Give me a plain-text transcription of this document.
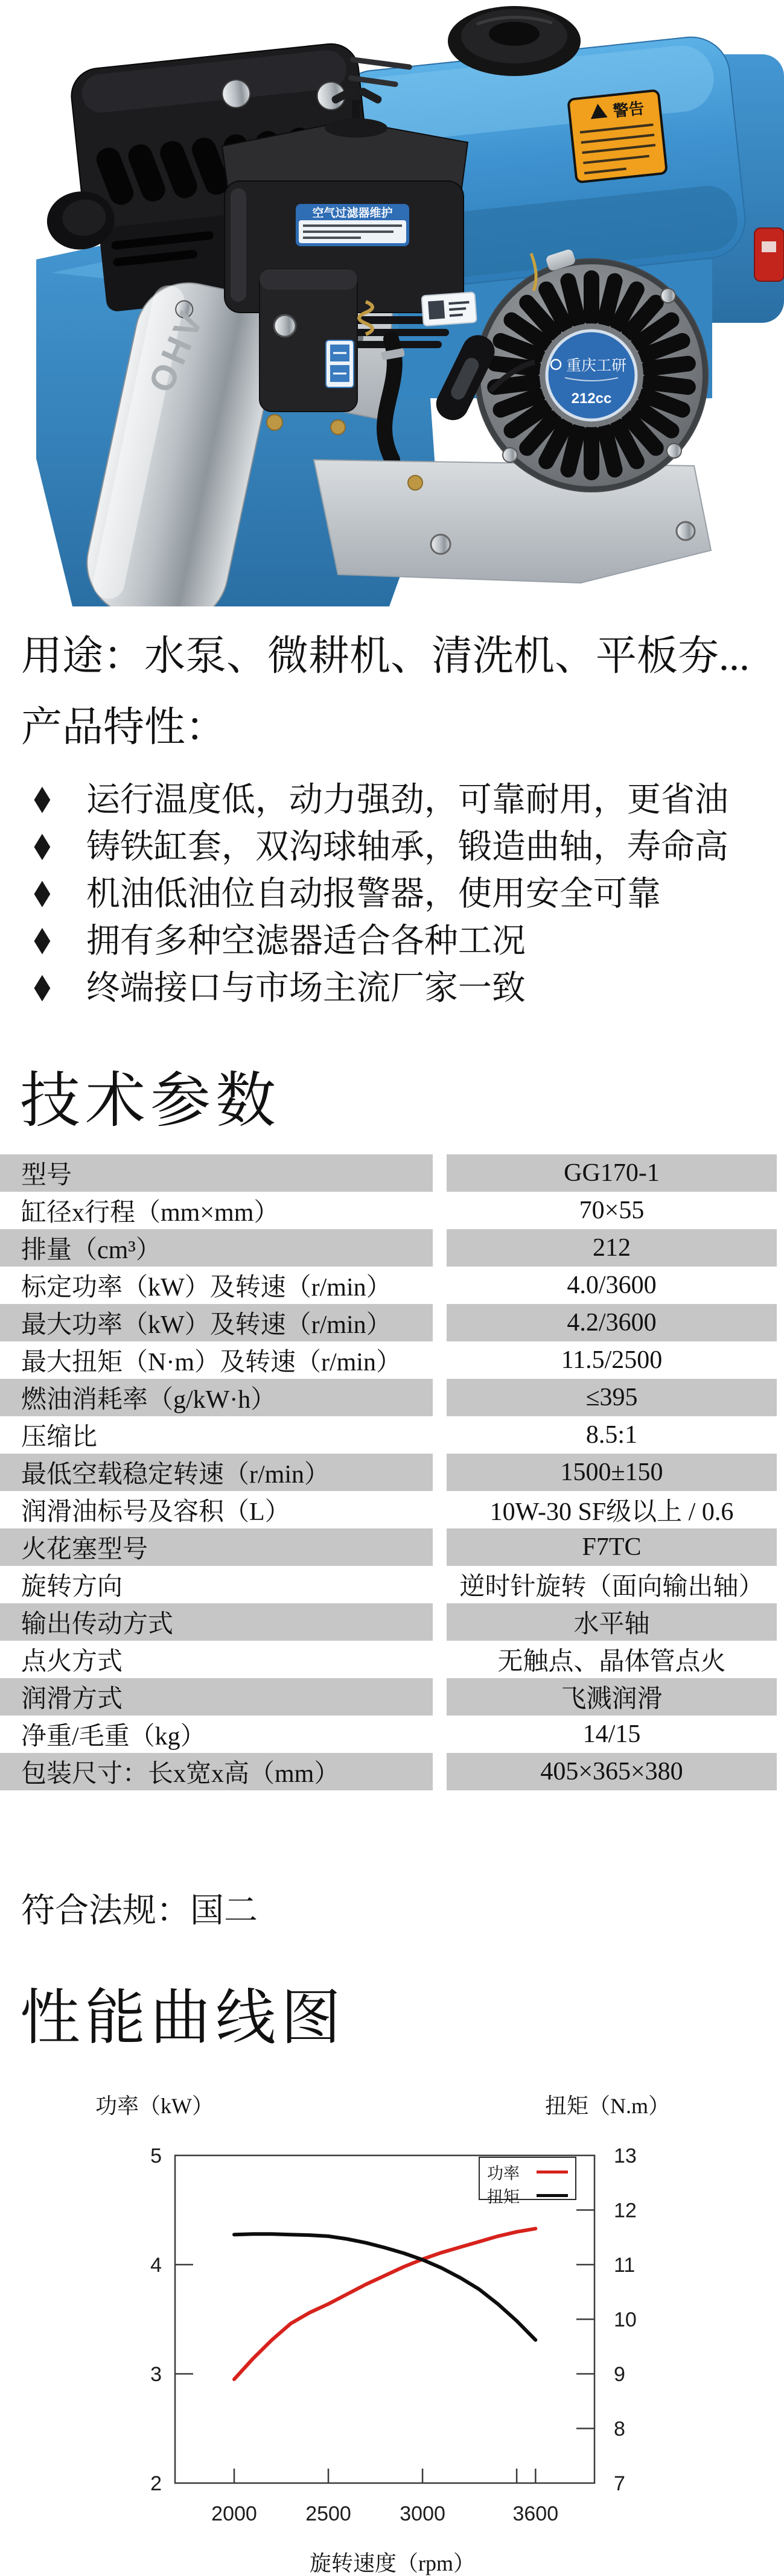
警告
OHV
空气过滤器维护
重庆工研
212cc
用途：水泵、微耕机、清洗机、平板夯...
产品特性：
◆ 运行温度低，动力强劲，可靠耐用，更省油
◆ 铸铁缸套，双沟球轴承，锻造曲轴，寿命高
◆ 机油低油位自动报警器，使用安全可靠
◆ 拥有多种空滤器适合各种工况
◆ 终端接口与市场主流厂家一致
技术参数
型号	GG170-1
缸径x行程（mm×mm）	70×55
排量（cm³）	212
标定功率（kW）及转速（r/min）	4.0/3600
最大功率（kW）及转速（r/min）	4.2/3600
最大扭矩（N·m）及转速（r/min）	11.5/2500
燃油消耗率（g/kW·h）	≤395
压缩比	8.5:1
最低空载稳定转速（r/min）	1500±150
润滑油标号及容积（L）	10W-30 SF级以上 / 0.6
火花塞型号	F7TC
旋转方向	逆时针旋转（面向输出轴）
输出传动方式	水平轴
点火方式	无触点、晶体管点火
润滑方式	飞溅润滑
净重/毛重（kg）	14/15
包装尺寸：长x宽x高（mm）	405×365×380
符合法规：国二
性能曲线图
功率（kW）	扭矩（N.m）
5
4
3
2
13
12
11
10
9
8
7
2000 2500 3000	3600
功率
扭矩
旋转速度（rpm）
